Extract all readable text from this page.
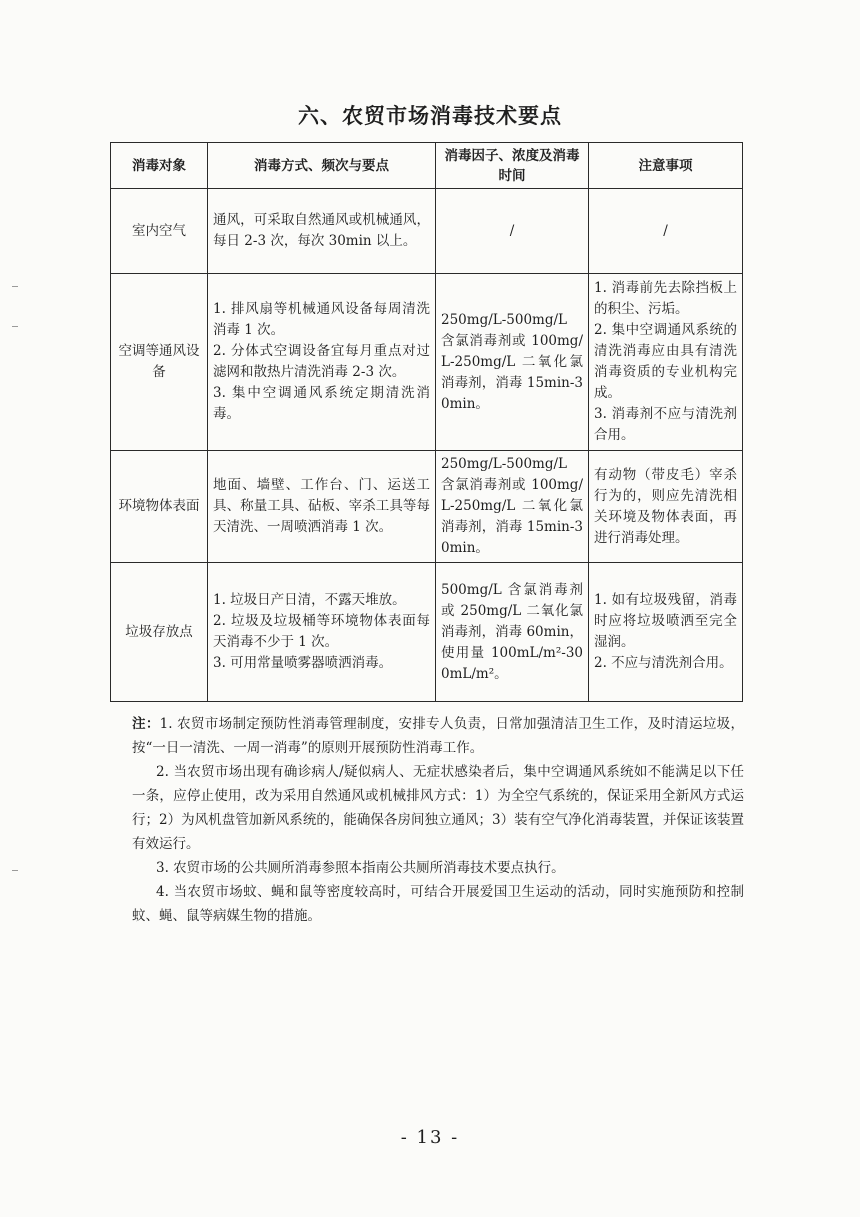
六、农贸市场消毒技术要点
消毒对象	消毒方式、频次与要点	消毒因子、浓度及消毒时间	注意事项
室内空气	通风，可采取自然通风或机械通风，每日 2-3 次，每次 30min 以上。	/	/
空调等通风设备	1. 排风扇等机械通风设备每周清洗消毒 1 次。
2. 分体式空调设备宜每月重点对过滤网和散热片清洗消毒 2-3 次。
3. 集中空调通风系统定期清洗消毒。	250mg/L-500mg/L 含氯消毒剂或 100mg/L-250mg/L 二氧化氯消毒剂，消毒 15min-30min。	1. 消毒前先去除挡板上的积尘、污垢。
2. 集中空调通风系统的清洗消毒应由具有清洗消毒资质的专业机构完成。
3. 消毒剂不应与清洗剂合用。
环境物体表面	地面、墙壁、工作台、门、运送工具、称量工具、砧板、宰杀工具等每天清洗、一周喷洒消毒 1 次。	250mg/L-500mg/L 含氯消毒剂或 100mg/L-250mg/L 二氧化氯消毒剂，消毒 15min-30min。	有动物（带皮毛）宰杀行为的，则应先清洗相关环境及物体表面，再进行消毒处理。
垃圾存放点	1. 垃圾日产日清，不露天堆放。
2. 垃圾及垃圾桶等环境物体表面每天消毒不少于 1 次。
3. 可用常量喷雾器喷洒消毒。	500mg/L 含氯消毒剂或 250mg/L 二氧化氯消毒剂，消毒 60min，使用量 100mL/m²-300mL/m²。	1. 如有垃圾残留，消毒时应将垃圾喷洒至完全湿润。
2. 不应与清洗剂合用。

注：1. 农贸市场制定预防性消毒管理制度，安排专人负责，日常加强清洁卫生工作，及时清运垃圾，按“一日一清洗、一周一消毒”的原则开展预防性消毒工作。

2. 当农贸市场出现有确诊病人/疑似病人、无症状感染者后，集中空调通风系统如不能满足以下任一条，应停止使用，改为采用自然通风或机械排风方式：1）为全空气系统的，保证采用全新风方式运行；2）为风机盘管加新风系统的，能确保各房间独立通风；3）装有空气净化消毒装置，并保证该装置有效运行。

3. 农贸市场的公共厕所消毒参照本指南公共厕所消毒技术要点执行。

4. 当农贸市场蚊、蝇和鼠等密度较高时，可结合开展爱国卫生运动的活动，同时实施预防和控制蚊、蝇、鼠等病媒生物的措施。

- 13 -
